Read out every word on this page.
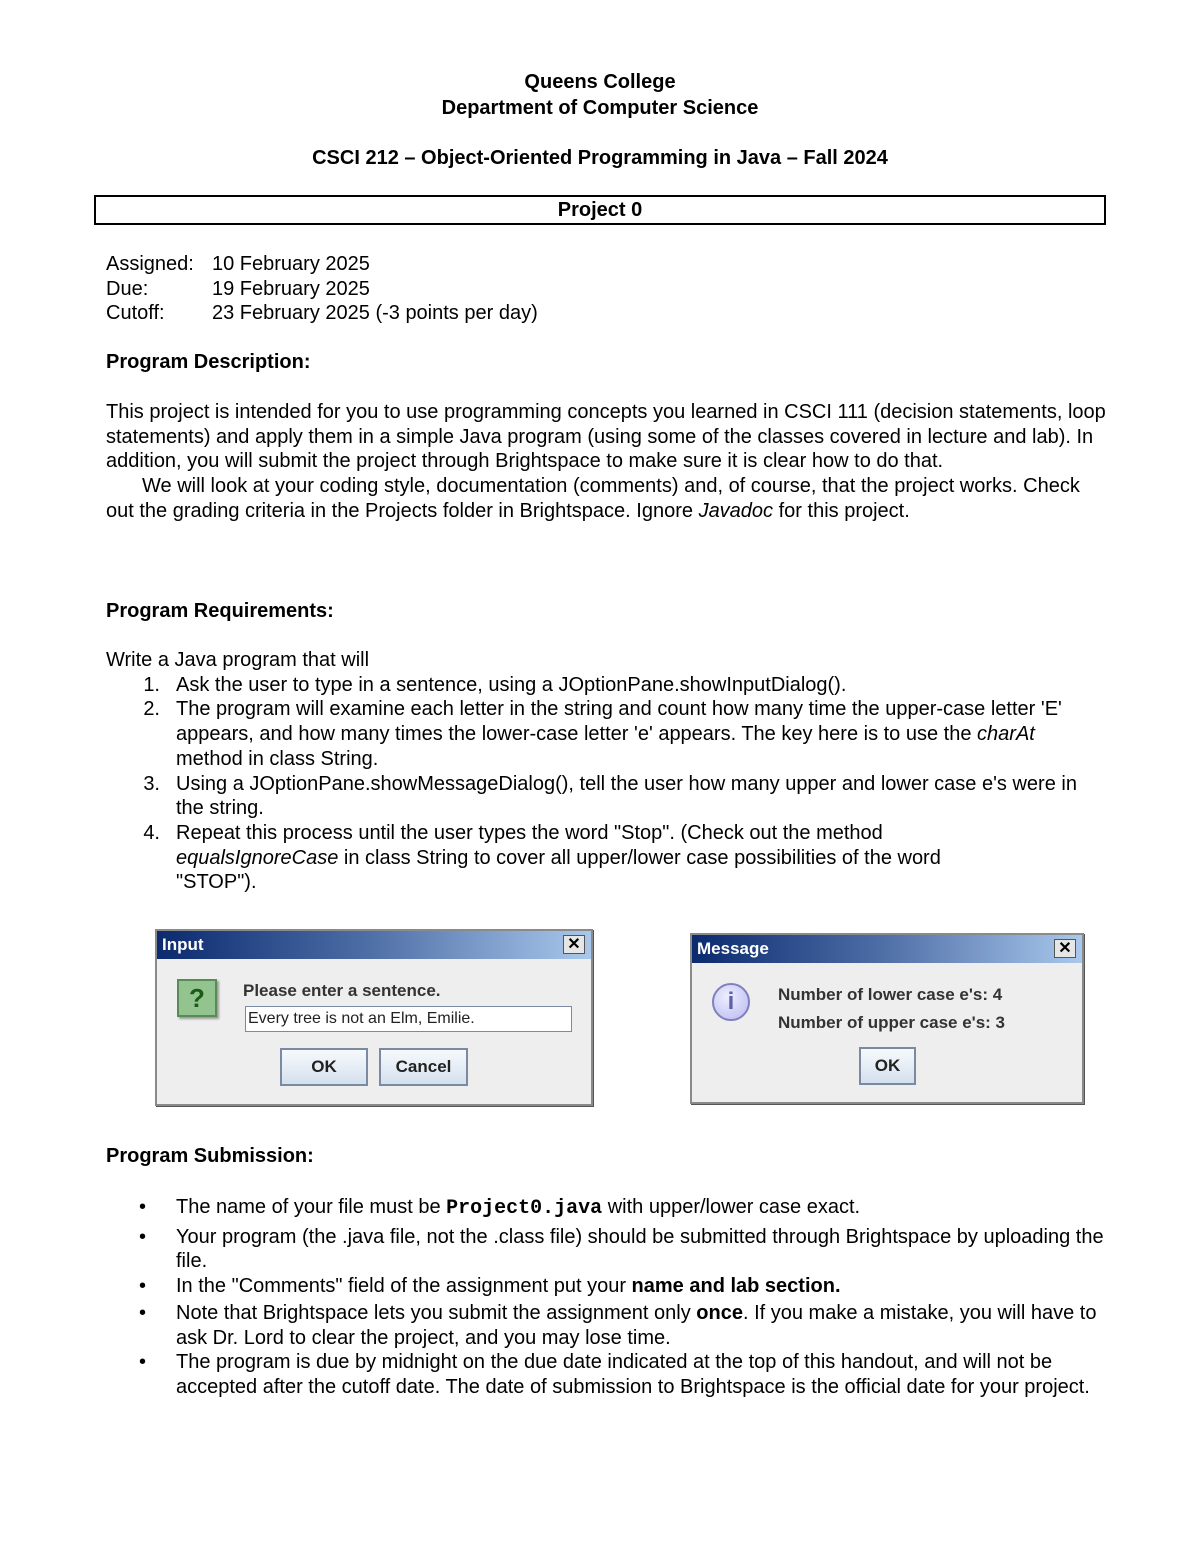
Queens College
Department of Computer Science
CSCI 212 – Object-Oriented Programming in Java – Fall 2024
Project 0
Assigned: 10 February 2025
Due:	19 February 2025
Cutoff:	23 February 2025 (-3 points per day)
Program Description:
This project is intended for you to use programming concepts you learned in CSCI 111 (decision statements, loop statements) and apply them in a simple Java program (using some of the classes covered in lecture and lab). In addition, you will submit the project through Brightspace to make sure it is clear how to do that.
We will look at your coding style, documentation (comments) and, of course, that the project works. Check out the grading criteria in the Projects folder in Brightspace. Ignore Javadoc for this project.
Program Requirements:
Write a Java program that will
1. Ask the user to type in a sentence, using a JOptionPane.showInputDialog().
2. The program will examine each letter in the string and count how many time the upper-case letter 'E' appears, and how many times the lower-case letter 'e' appears. The key here is to use the charAt method in class String.
3. Using a JOptionPane.showMessageDialog(), tell the user how many upper and lower case e's were in the string.
4. Repeat this process until the user types the word "Stop". (Check out the method equalsIgnoreCase in class String to cover all upper/lower case possibilities of the word "STOP").
Input	✕
?	Please enter a sentence.
Every tree is not an Elm, Emilie.
OK	Cancel
Message	✕
i	Number of lower case e's: 4
Number of upper case e's: 3
OK
Program Submission:
•	The name of your file must be Project0.java with upper/lower case exact.
•	Your program (the .java file, not the .class file) should be submitted through Brightspace by uploading the file.
•	In the "Comments" field of the assignment put your name and lab section.
•	Note that Brightspace lets you submit the assignment only once. If you make a mistake, you will have to ask Dr. Lord to clear the project, and you may lose time.
•	The program is due by midnight on the due date indicated at the top of this handout, and will not be accepted after the cutoff date. The date of submission to Brightspace is the official date for your project.
